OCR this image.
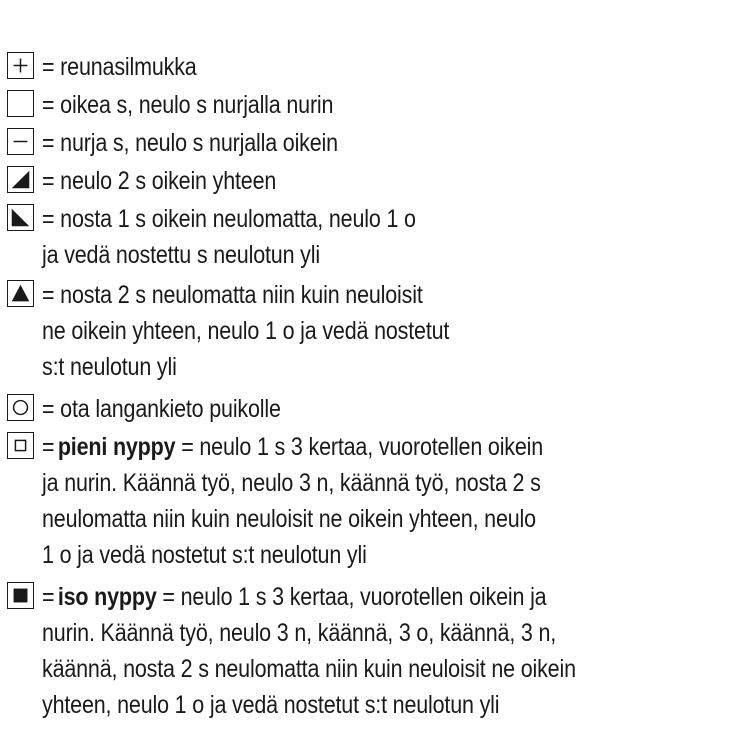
= reunasilmukka
= oikea s, neulo s nurjalla nurin
= nurja s, neulo s nurjalla oikein
= neulo 2 s oikein yhteen
= nosta 1 s oikein neulomatta, neulo 1 o
ja vedä nostettu s neulotun yli
= nosta 2 s neulomatta niin kuin neuloisit
ne oikein yhteen, neulo 1 o ja vedä nostetut
s:t neulotun yli
= ota langankieto puikolle
= pieni nyppy = neulo 1 s 3 kertaa, vuorotellen oikein
ja nurin. Käännä työ, neulo 3 n, käännä työ, nosta 2 s
neulomatta niin kuin neuloisit ne oikein yhteen, neulo
1 o ja vedä nostetut s:t neulotun yli
= iso nyppy = neulo 1 s 3 kertaa, vuorotellen oikein ja
nurin. Käännä työ, neulo 3 n, käännä, 3 o, käännä, 3 n,
käännä, nosta 2 s neulomatta niin kuin neuloisit ne oikein
yhteen, neulo 1 o ja vedä nostetut s:t neulotun yli
